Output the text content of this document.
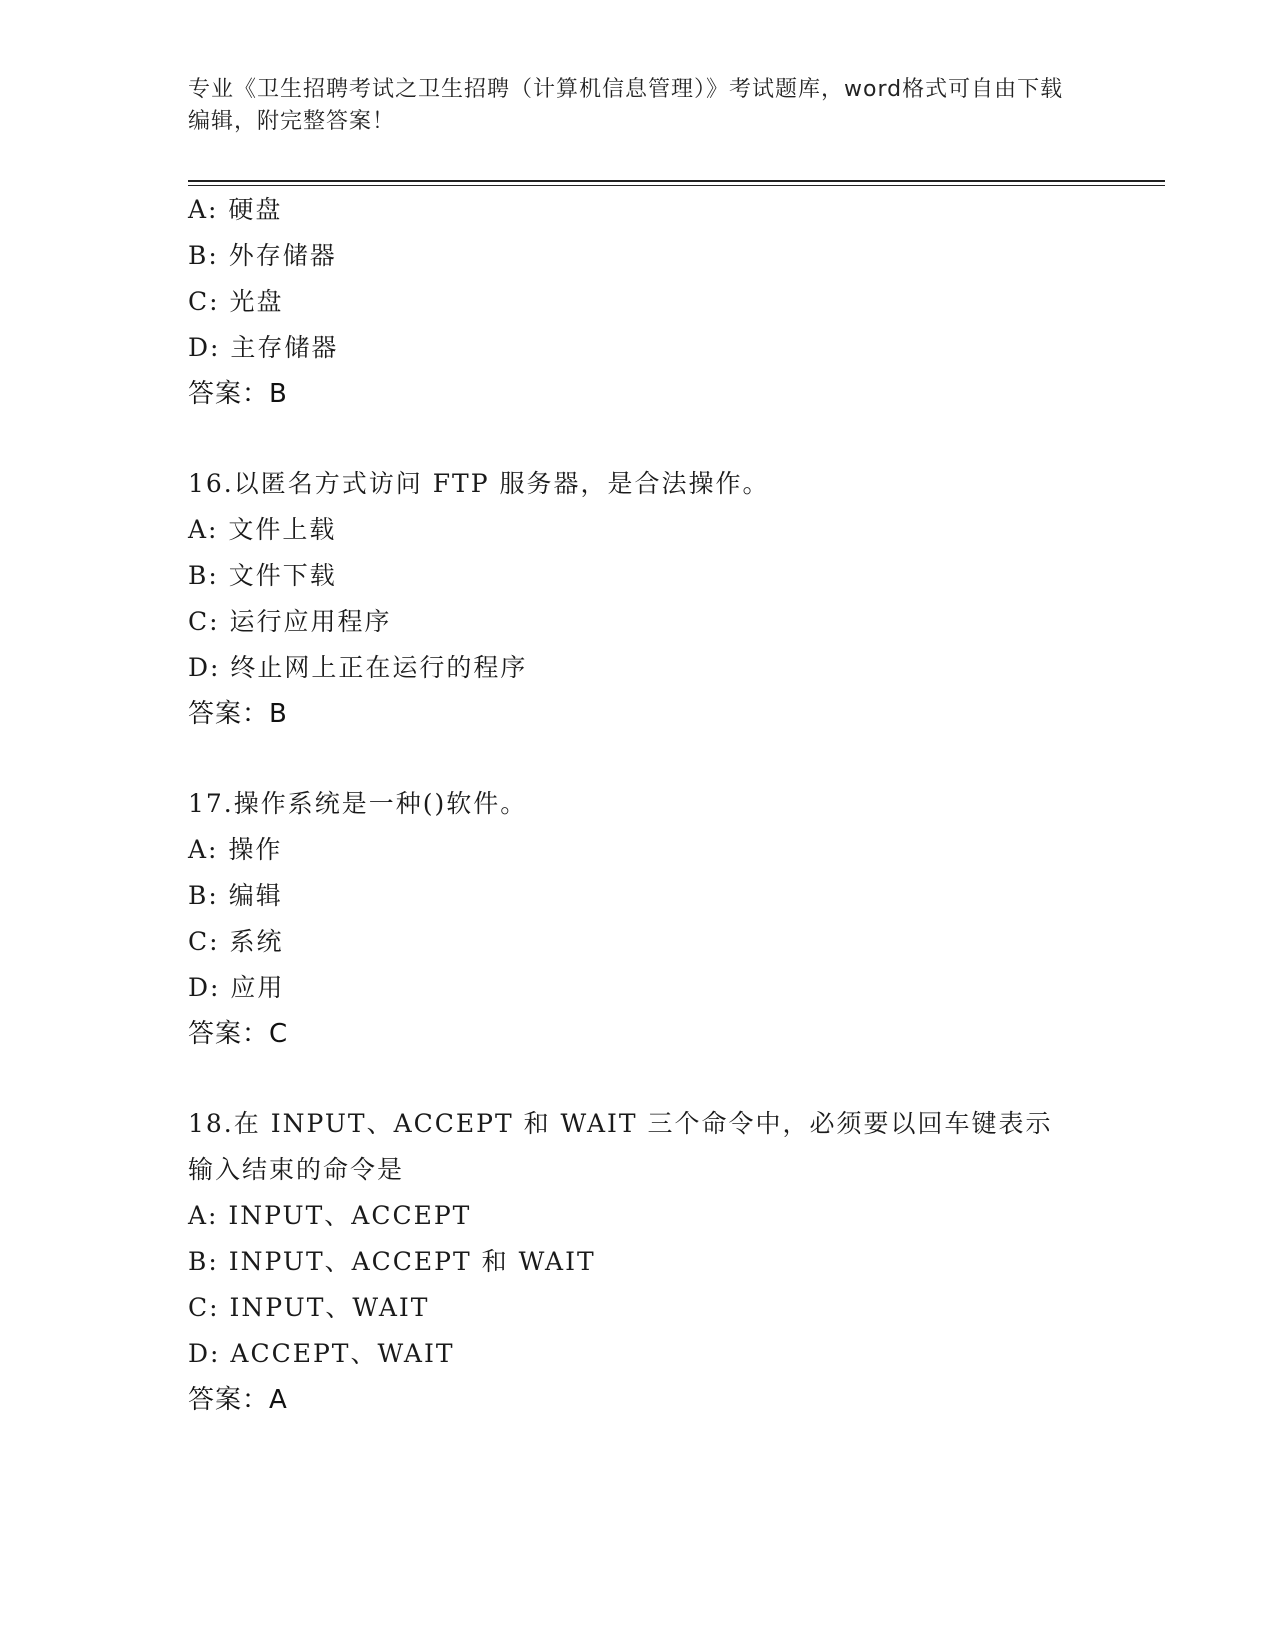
专业《卫生招聘考试之卫生招聘（计算机信息管理）》考试题库，word格式可自由下载编辑，附完整答案！
A: 硬盘
B: 外存储器
C: 光盘
D: 主存储器
答案：B
16.以匿名方式访问 FTP 服务器，是合法操作。
A: 文件上载
B: 文件下载
C: 运行应用程序
D: 终止网上正在运行的程序
答案：B
17.操作系统是一种()软件。
A: 操作
B: 编辑
C: 系统
D: 应用
答案：C
18.在 INPUT、ACCEPT 和 WAIT 三个命令中，必须要以回车键表示输入结束的命令是
A: INPUT、ACCEPT
B: INPUT、ACCEPT 和 WAIT
C: INPUT、WAIT
D: ACCEPT、WAIT
答案：A
